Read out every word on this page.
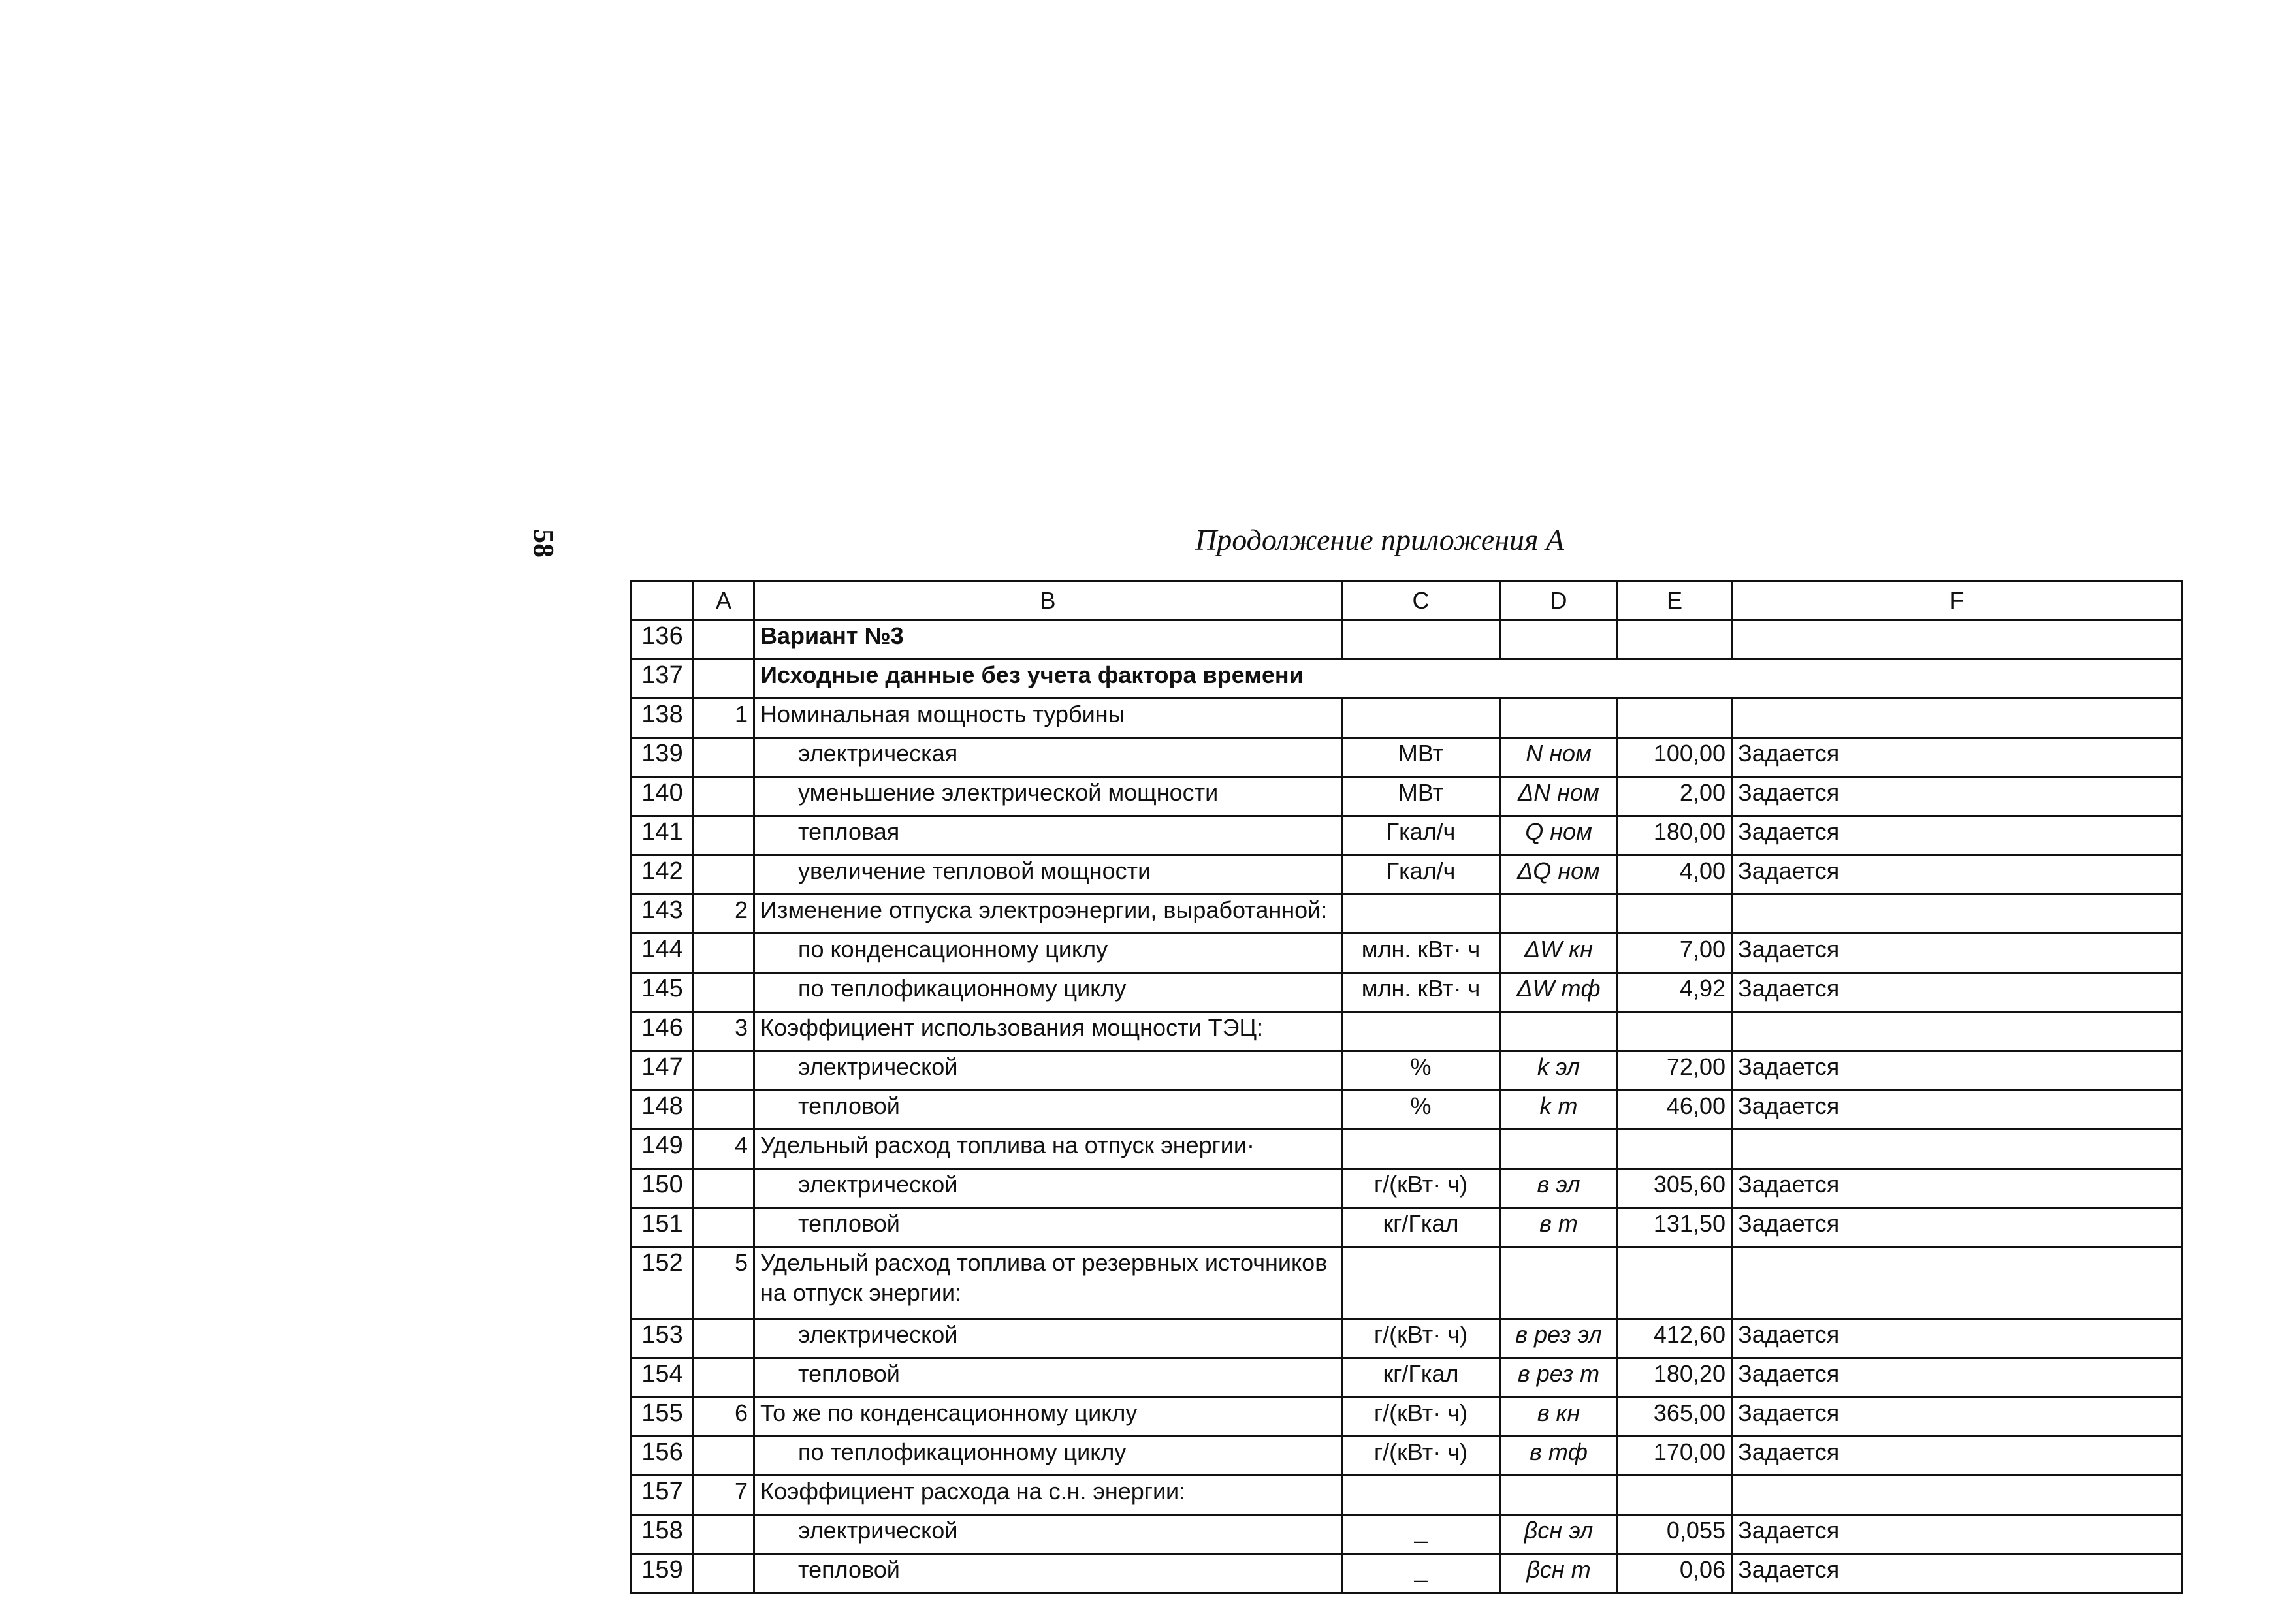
58	Продолжение приложения А
	A	B	C	D	E	F
136		Вариант №3				
137		Исходные данные без учета фактора времени				
138	1	Номинальная мощность турбины				
139		электрическая	МВт	N ном	100,00	Задается
140		уменьшение электрической мощности	МВт	ΔN ном	2,00	Задается
141		тепловая	Гкал/ч	Q ном	180,00	Задается
142		увеличение тепловой мощности	Гкал/ч	ΔQ ном	4,00	Задается
143	2	Изменение отпуска электроэнергии, выработанной:				
144		по конденсационному циклу	млн. кВт· ч	ΔW кн	7,00	Задается
145		по теплофикационному циклу	млн. кВт· ч	ΔW тф	4,92	Задается
146	3	Коэффициент использования мощности ТЭЦ:				
147		электрической	%	k эл	72,00	Задается
148		тепловой	%	k т	46,00	Задается
149	4	Удельный расход топлива на отпуск энергии·				
150		электрической	г/(кВт· ч)	в эл	305,60	Задается
151		тепловой	кг/Гкал	в т	131,50	Задается
152	5	Удельный расход топлива от резервных источников на отпуск энергии:				
153		электрической	г/(кВт· ч)	в рез эл	412,60	Задается
154		тепловой	кг/Гкал	в рез т	180,20	Задается
155	6	То же по конденсационному циклу	г/(кВт· ч)	в кн	365,00	Задается
156		по теплофикационному циклу	г/(кВт· ч)	в тф	170,00	Задается
157	7	Коэффициент расхода на с.н. энергии:				
158		электрической	_	βсн эл	0,055	Задается
159		тепловой	_	βсн т	0,06	Задается
